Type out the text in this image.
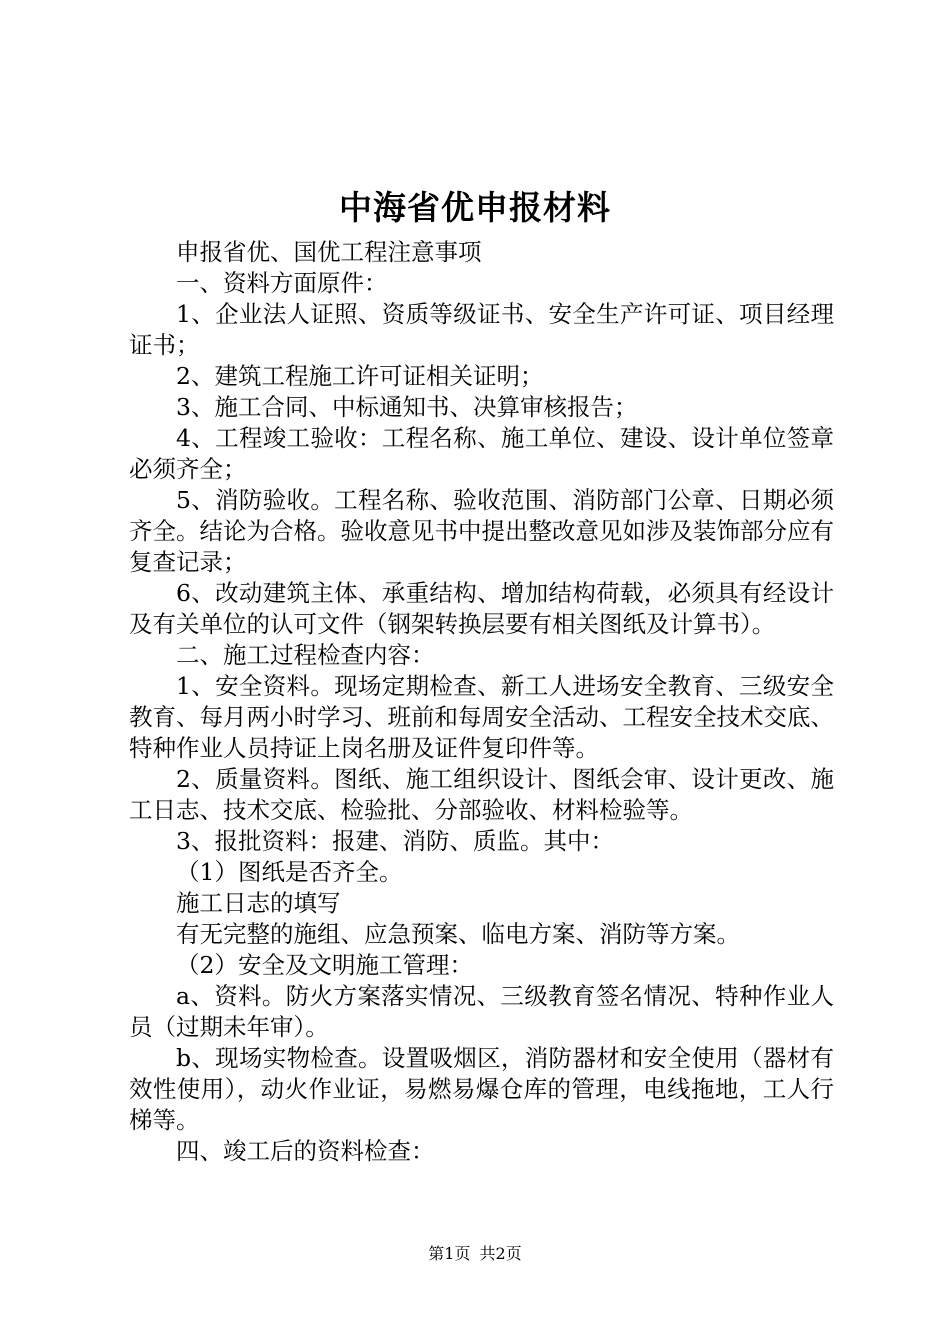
中海省优申报材料

申报省优、国优工程注意事项

一、资料方面原件：

1、企业法人证照、资质等级证书、安全生产许可证、项目经理证书；

2、建筑工程施工许可证相关证明；

3、施工合同、中标通知书、决算审核报告；

4、工程竣工验收：工程名称、施工单位、建设、设计单位签章必须齐全；

5、消防验收。工程名称、验收范围、消防部门公章、日期必须齐全。结论为合格。验收意见书中提出整改意见如涉及装饰部分应有复查记录；

6、改动建筑主体、承重结构、增加结构荷载，必须具有经设计及有关单位的认可文件（钢架转换层要有相关图纸及计算书）。

二、施工过程检查内容：

1、安全资料。现场定期检查、新工人进场安全教育、三级安全教育、每月两小时学习、班前和每周安全活动、工程安全技术交底、特种作业人员持证上岗名册及证件复印件等。

2、质量资料。图纸、施工组织设计、图纸会审、设计更改、施工日志、技术交底、检验批、分部验收、材料检验等。

3、报批资料：报建、消防、质监。其中：

（1）图纸是否齐全。

施工日志的填写

有无完整的施组、应急预案、临电方案、消防等方案。

（2）安全及文明施工管理：

a、资料。防火方案落实情况、三级教育签名情况、特种作业人员（过期未年审）。

b、现场实物检查。设置吸烟区，消防器材和安全使用（器材有效性使用），动火作业证，易燃易爆仓库的管理，电线拖地，工人行梯等。

四、竣工后的资料检查：

第1页 共2页
